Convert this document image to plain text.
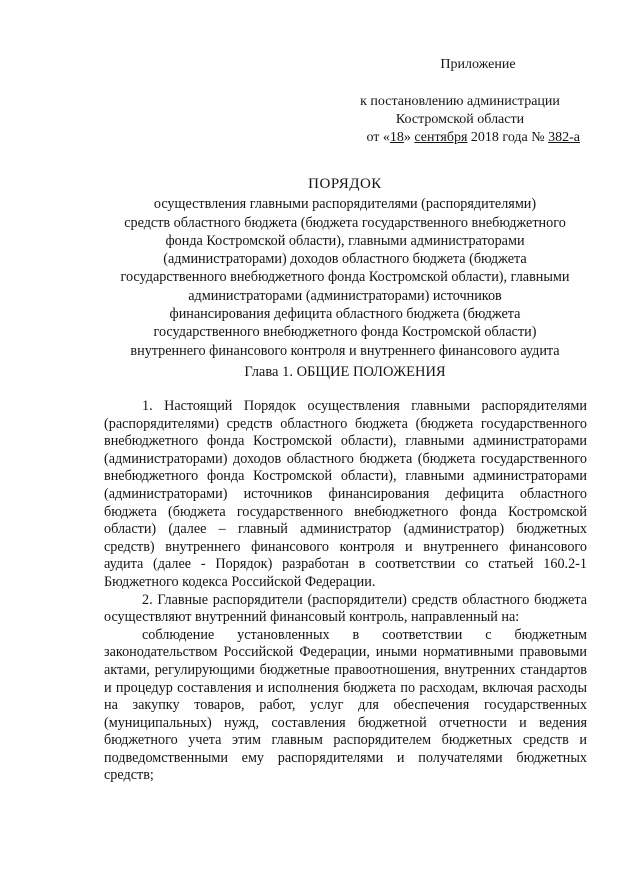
Приложение
к постановлению администрации
Костромской области
от «18» сентября 2018 года № 382-а
ПОРЯДОК
осуществления главными распорядителями (распорядителями)
средств областного бюджета (бюджета государственного внебюджетного
фонда Костромской области), главными администраторами
(администраторами) доходов областного бюджета (бюджета
государственного внебюджетного фонда Костромской области), главными
администраторами (администраторами) источников
финансирования дефицита областного бюджета (бюджета
государственного внебюджетного фонда Костромской области)
внутреннего финансового контроля и внутреннего финансового аудита
Глава 1. ОБЩИЕ ПОЛОЖЕНИЯ

1. Настоящий Порядок осуществления главными распорядителями (распорядителями) средств областного бюджета (бюджета государственного внебюджетного фонда Костромской области), главными администраторами (администраторами) доходов областного бюджета (бюджета государственного внебюджетного фонда Костромской области), главными администраторами (администраторами) источников финансирования дефицита областного бюджета (бюджета государственного внебюджетного фонда Костромской области) (далее – главный администратор (администратор) бюджетных средств) внутреннего финансового контроля и внутреннего финансового аудита (далее - Порядок) разработан в соответствии со статьей 160.2-1 Бюджетного кодекса Российской Федерации.

2. Главные распорядители (распорядители) средств областного бюджета осуществляют внутренний финансовый контроль, направленный на:

соблюдение установленных в соответствии с бюджетным законодательством Российской Федерации, иными нормативными правовыми актами, регулирующими бюджетные правоотношения, внутренних стандартов и процедур составления и исполнения бюджета по расходам, включая расходы на закупку товаров, работ, услуг для обеспечения государственных (муниципальных) нужд, составления бюджетной отчетности и ведения бюджетного учета этим главным распорядителем бюджетных средств и подведомственными ему распорядителями и получателями бюджетных средств;
